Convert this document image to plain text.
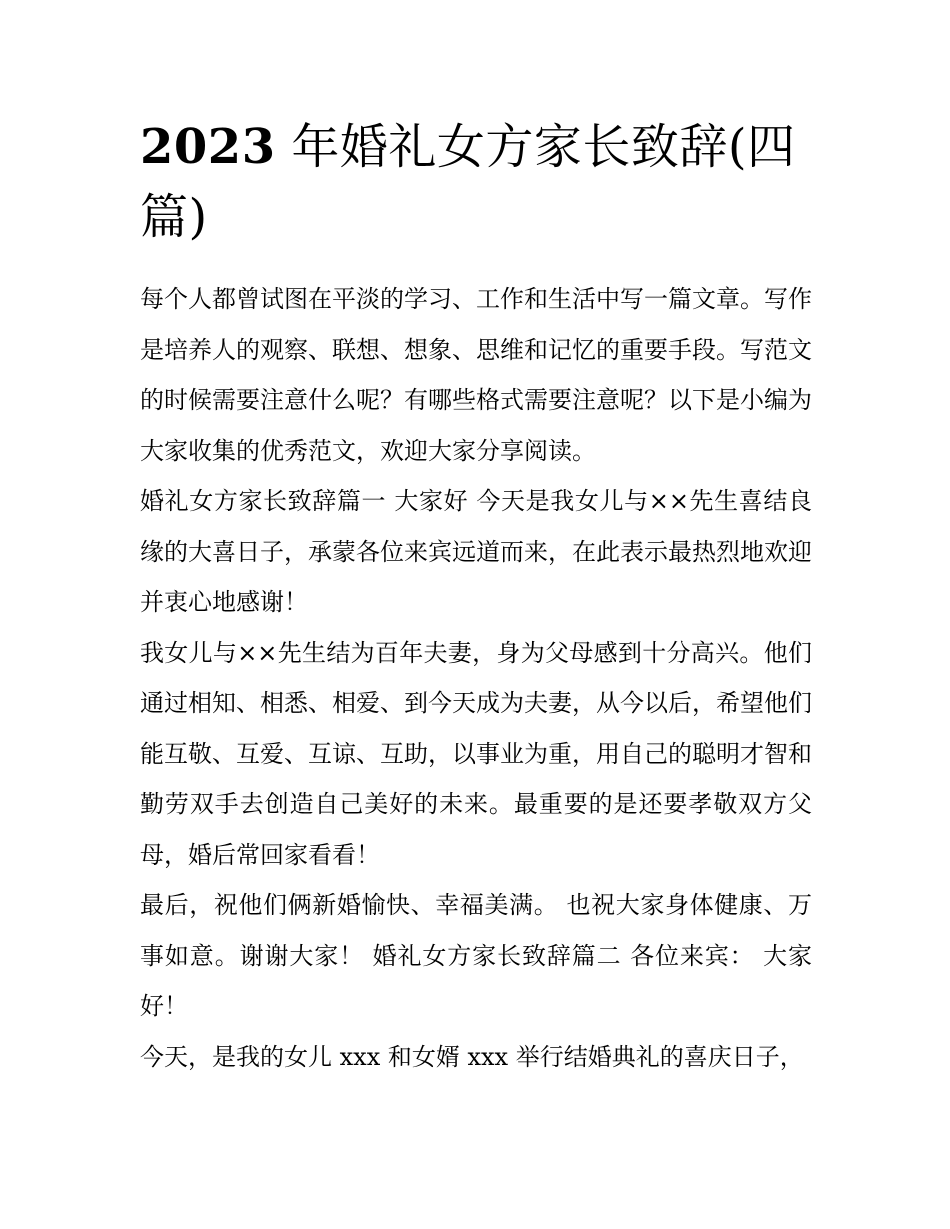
2023 年婚礼女方家长致辞(四篇)

每个人都曾试图在平淡的学习、工作和生活中写一篇文章。写作是培养人的观察、联想、想象、思维和记忆的重要手段。写范文的时候需要注意什么呢？有哪些格式需要注意呢？以下是小编为大家收集的优秀范文，欢迎大家分享阅读。

婚礼女方家长致辞篇一 大家好 今天是我女儿与××先生喜结良缘的大喜日子，承蒙各位来宾远道而来，在此表示最热烈地欢迎并衷心地感谢！

我女儿与××先生结为百年夫妻，身为父母感到十分高兴。他们通过相知、相悉、相爱、到今天成为夫妻，从今以后，希望他们能互敬、互爱、互谅、互助，以事业为重，用自己的聪明才智和勤劳双手去创造自己美好的未来。最重要的是还要孝敬双方父母，婚后常回家看看！

最后，祝他们俩新婚愉快、幸福美满。 也祝大家身体健康、万事如意。谢谢大家！ 婚礼女方家长致辞篇二 各位来宾： 大家好！

今天，是我的女儿 xxx 和女婿 xxx 举行结婚典礼的喜庆日子，
